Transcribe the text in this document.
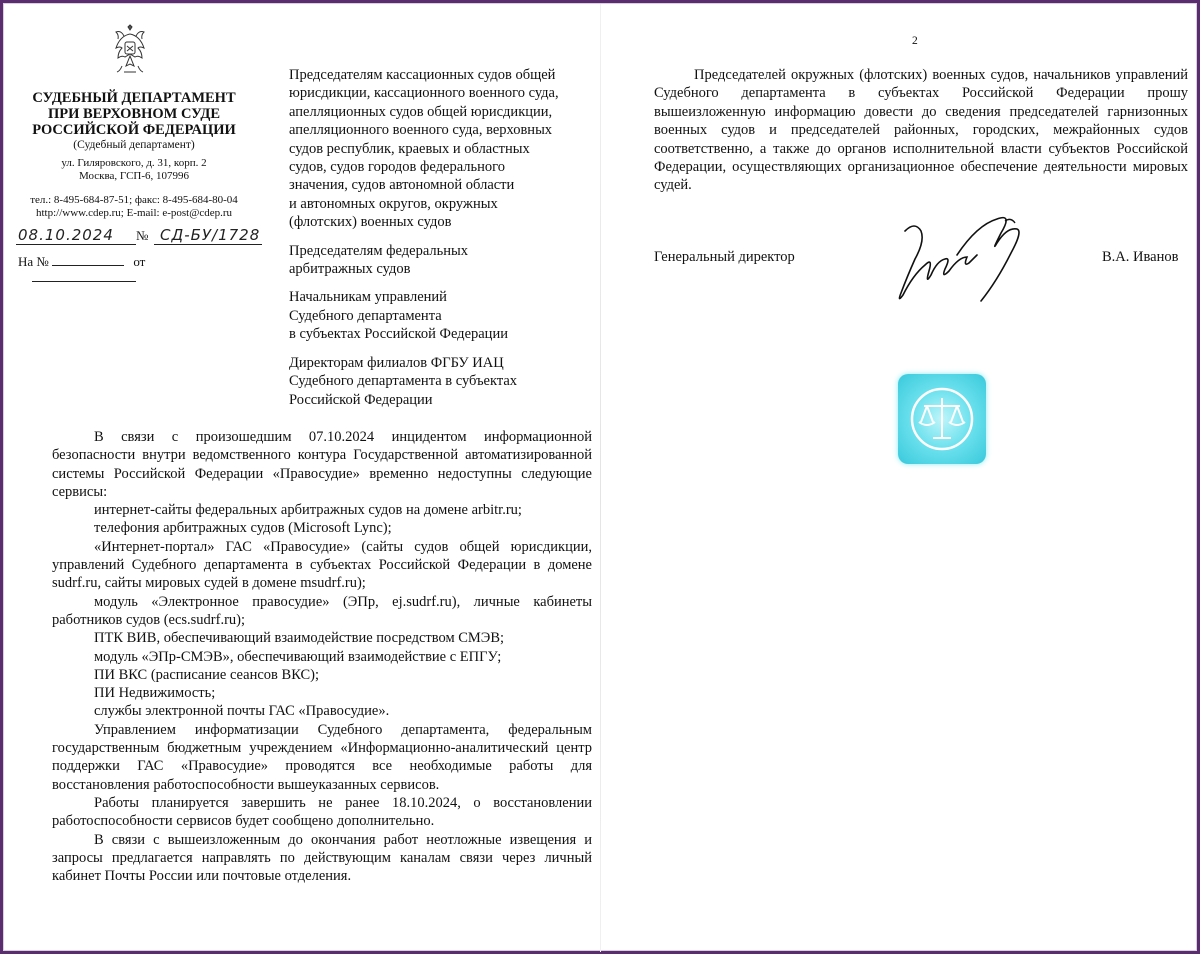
СУДЕБНЫЙ ДЕПАРТАМЕНТ
ПРИ ВЕРХОВНОМ СУДЕ
РОССИЙСКОЙ ФЕДЕРАЦИИ
(Судебный департамент)
ул. Гиляровского, д. 31, корп. 2
Москва, ГСП-6, 107996
тел.: 8-495-684-87-51; факс: 8-495-684-80-04
http://www.cdep.ru; E-mail: e-post@cdep.ru
08.10.2024	№ СД-БУ/1728
На №	от
Председателям кассационных судов общей
юрисдикции, кассационного военного суда,
апелляционных судов общей юрисдикции,
апелляционного военного суда, верховных
судов республик, краевых и областных
судов, судов городов федерального
значения, судов автономной области
и автономных округов, окружных
(флотских) военных судов
Председателям федеральных
арбитражных судов
Начальникам управлений
Судебного департамента
в субъектах Российской Федерации
Директорам филиалов ФГБУ ИАЦ
Судебного департамента в субъектах
Российской Федерации

В связи с произошедшим 07.10.2024 инцидентом информационной безопасности внутри ведомственного контура Государственной автоматизированной системы Российской Федерации «Правосудие» временно недоступны следующие сервисы:

интернет-сайты федеральных арбитражных судов на домене arbitr.ru;

телефония арбитражных судов (Microsoft Lync);

«Интернет-портал» ГАС «Правосудие» (сайты судов общей юрисдикции, управлений Судебного департамента в субъектах Российской Федерации в домене sudrf.ru, сайты мировых судей в домене msudrf.ru);

модуль «Электронное правосудие» (ЭПр, ej.sudrf.ru), личные кабинеты работников судов (ecs.sudrf.ru);

ПТК ВИВ, обеспечивающий взаимодействие посредством СМЭВ;

модуль «ЭПр-СМЭВ», обеспечивающий взаимодействие с ЕПГУ;

ПИ ВКС (расписание сеансов ВКС);

ПИ Недвижимость;

службы электронной почты ГАС «Правосудие».

Управлением информатизации Судебного департамента, федеральным государственным бюджетным учреждением «Информационно-аналитический центр поддержки ГАС «Правосудие» проводятся все необходимые работы для восстановления работоспособности вышеуказанных сервисов.

Работы планируется завершить не ранее 18.10.2024, о восстановлении работоспособности сервисов будет сообщено дополнительно.

В связи с вышеизложенным до окончания работ неотложные извещения и запросы предлагается направлять по действующим каналам связи через личный кабинет Почты России или почтовые отделения.

2

Председателей окружных (флотских) военных судов, начальников управлений Судебного департамента в субъектах Российской Федерации прошу вышеизложенную информацию довести до сведения председателей гарнизонных военных судов и председателей районных, городских, межрайонных судов соответственно, а также до органов исполнительной власти субъектов Российской Федерации, осуществляющих организационное обеспечение деятельности мировых судей.

Генеральный директор	В.А. Иванов
